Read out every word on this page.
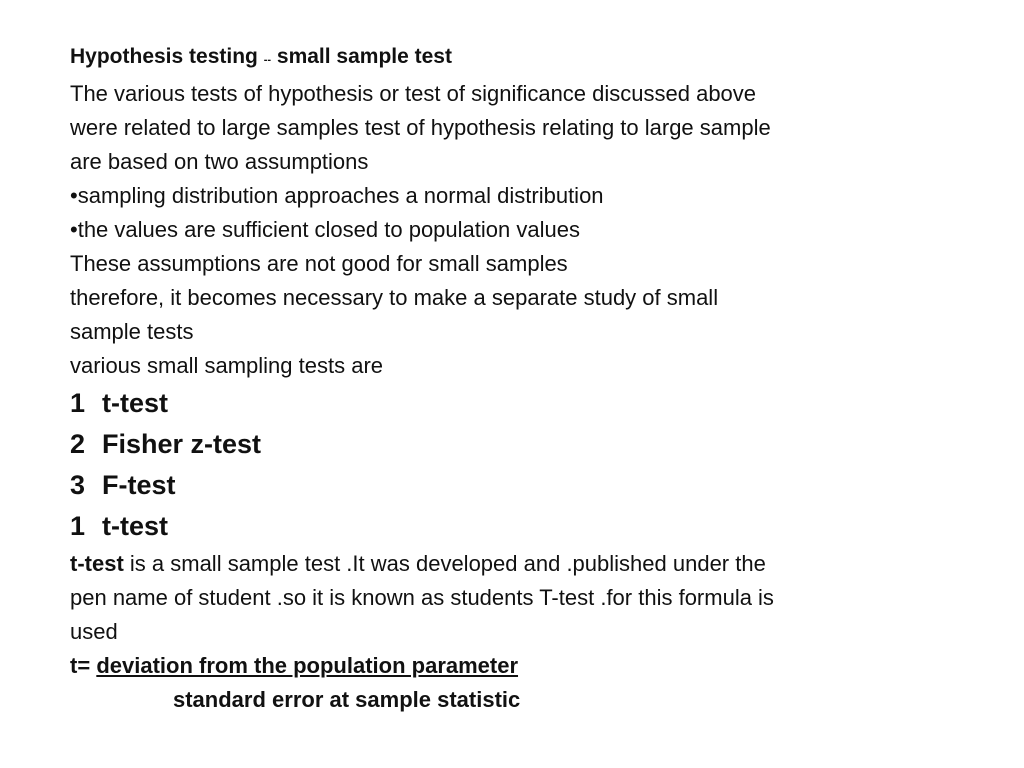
Hypothesis testing -- small sample test
The various tests of hypothesis or test of significance discussed above
were related to large samples test of hypothesis relating to large sample
are based on two assumptions
•sampling distribution approaches a normal distribution
•the values are sufficient closed to population values
These assumptions are not good for small samples
therefore, it becomes necessary to make a separate study of small
sample tests
various small sampling tests are
1 t-test
2 Fisher z-test
3 F-test
1 t-test
t-test is a small sample test .It was developed and .published under the
pen name of student .so it is known as students T-test .for this formula is
used
t= deviation from the population parameter
standard error at sample statistic
